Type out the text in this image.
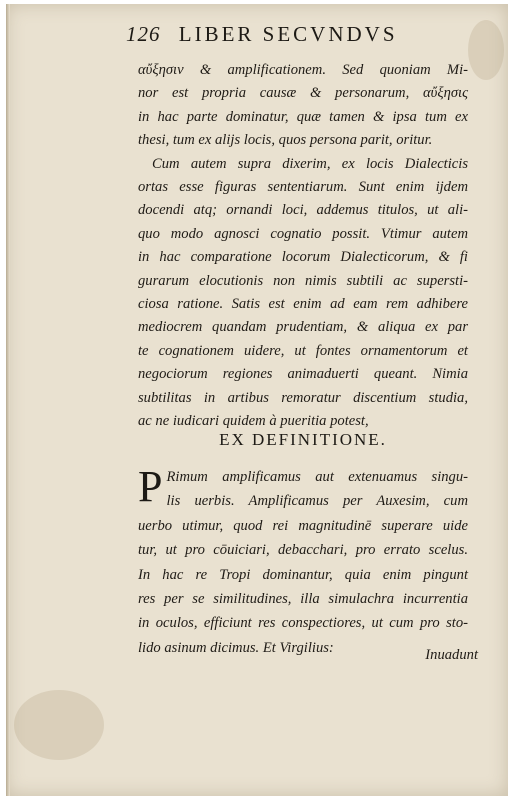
126 LIBER SECVNDVS
αὔξησιν & amplificationem. Sed quoniam Mi-
nor est propria causæ & personarum, αὔξησις
in hac parte dominatur, quæ tamen & ipsa tum ex
thesi, tum ex alijs locis, quos persona parit, oritur.
Cum autem supra dixerim, ex locis Dialecticis
ortas esse figuras sententiarum. Sunt enim ijdem
docendi atq; ornandi loci, addemus titulos, ut ali-
quo modo agnosci cognatio possit. Vtimur autem
in hac comparatione locorum Dialecticorum, & fi
gurarum elocutionis non nimis subtili ac supersti-
ciosa ratione. Satis est enim ad eam rem adhibere
mediocrem quandam prudentiam, & aliqua ex par
te cognationem uidere, ut fontes ornamentorum et
negociorum regiones animaduerti queant. Nimia
subtilitas in artibus remoratur discentium studia,
ac ne iudicari quidem à pueritia potest,
EX DEFINITIONE.
P Rimum amplificamus aut extenuamus singu-
lis uerbis. Amplificamus per Auxesim, cum
uerbo utimur, quod rei magnitudinē superare uide
tur, ut pro cōuiciari, debacchari, pro errato scelus.
In hac re Tropi dominantur, quia enim pingunt
res per se similitudines, illa simulachra incurrentia
in oculos, efficiunt res conspectiores, ut cum pro sto-
lido asinum dicimus. Et Virgilius:	Inuadunt
